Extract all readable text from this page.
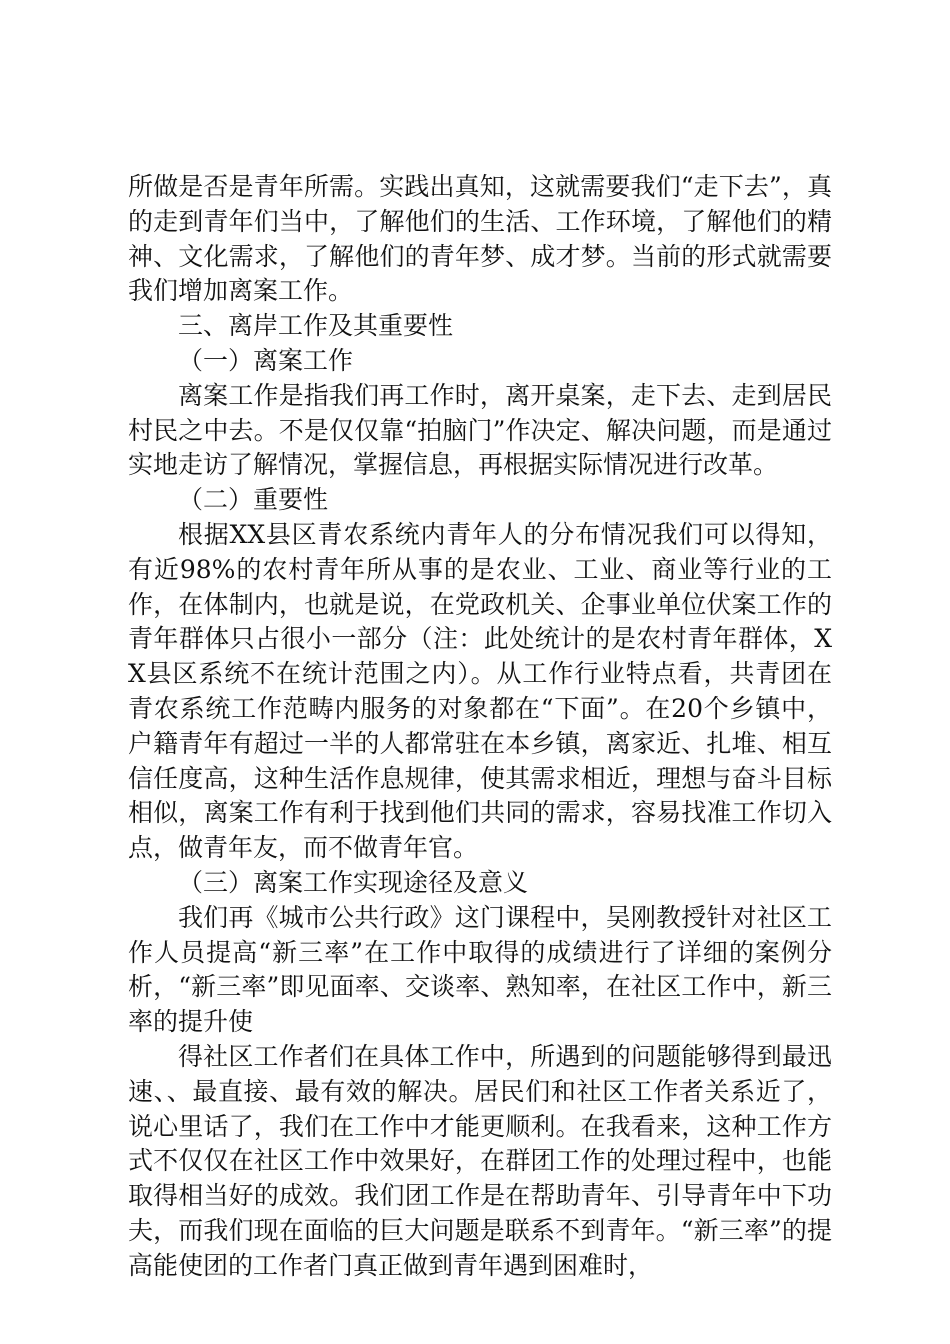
所做是否是青年所需。实践出真知，这就需要我们“走下去”，真的走到青年们当中，了解他们的生活、工作环境，了解他们的精神、文化需求，了解他们的青年梦、成才梦。当前的形式就需要我们增加离案工作。

三、离岸工作及其重要性

（一）离案工作

离案工作是指我们再工作时，离开桌案，走下去、走到居民村民之中去。不是仅仅靠“拍脑门”作决定、解决问题，而是通过实地走访了解情况，掌握信息，再根据实际情况进行改革。

（二）重要性

根据XX县区青农系统内青年人的分布情况我们可以得知，有近98%的农村青年所从事的是农业、工业、商业等行业的工作，在体制内，也就是说，在党政机关、企事业单位伏案工作的青年群体只占很小一部分（注：此处统计的是农村青年群体，XX县区系统不在统计范围之内）。从工作行业特点看，共青团在青农系统工作范畴内服务的对象都在“下面”。在20个乡镇中，户籍青年有超过一半的人都常驻在本乡镇，离家近、扎堆、相互信任度高，这种生活作息规律，使其需求相近，理想与奋斗目标相似，离案工作有利于找到他们共同的需求，容易找准工作切入点，做青年友，而不做青年官。

（三）离案工作实现途径及意义

我们再《城市公共行政》这门课程中，吴刚教授针对社区工作人员提高“新三率”在工作中取得的成绩进行了详细的案例分析，“新三率”即见面率、交谈率、熟知率，在社区工作中，新三率的提升使

得社区工作者们在具体工作中，所遇到的问题能够得到最迅速、、最直接、最有效的解决。居民们和社区工作者关系近了，说心里话了，我们在工作中才能更顺利。在我看来，这种工作方式不仅仅在社区工作中效果好，在群团工作的处理过程中，也能取得相当好的成效。我们团工作是在帮助青年、引导青年中下功夫，而我们现在面临的巨大问题是联系不到青年。“新三率”的提高能使团的工作者门真正做到青年遇到困难时，
